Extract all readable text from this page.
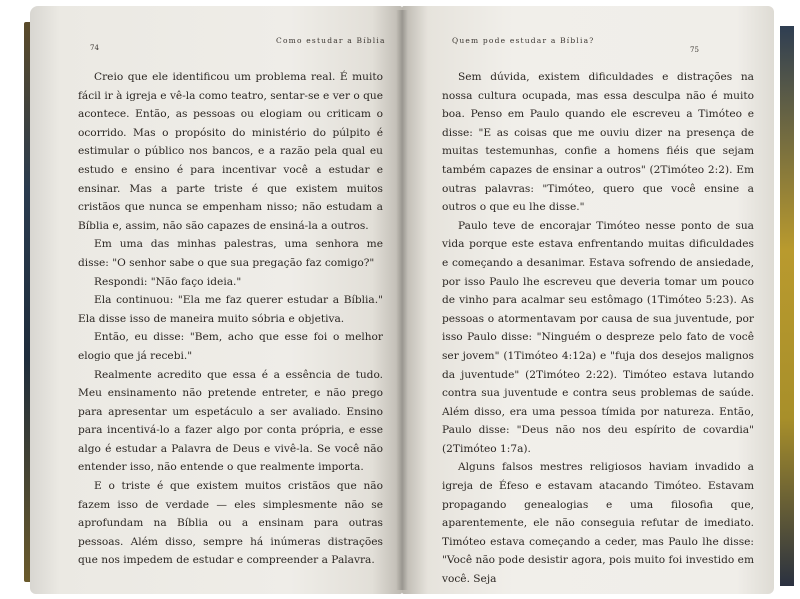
74
Como estudar a Bíblia

Creio que ele identificou um problema real. É muito fácil ir à igreja e vê-la como teatro, sentar-se e ver o que acontece. Então, as pessoas ou elogiam ou criticam o ocorrido. Mas o propósito do ministério do púlpito é estimular o público nos bancos, e a razão pela qual eu estudo e ensino é para incentivar você a estudar e ensinar. Mas a parte triste é que existem muitos cristãos que nunca se empenham nisso; não estudam a Bíblia e, assim, não são capazes de ensiná-la a outros.

Em uma das minhas palestras, uma senhora me disse: "O senhor sabe o que sua pregação faz comigo?"

Respondi: "Não faço ideia."

Ela continuou: "Ela me faz querer estudar a Bíblia." Ela disse isso de maneira muito sóbria e objetiva.

Então, eu disse: "Bem, acho que esse foi o melhor elogio que já recebi."

Realmente acredito que essa é a essência de tudo. Meu ensinamento não pretende entreter, e não prego para apresentar um espetáculo a ser avaliado. Ensino para incentivá-lo a fazer algo por conta própria, e esse algo é estudar a Palavra de Deus e vivê-la. Se você não entender isso, não entende o que realmente importa.

E o triste é que existem muitos cristãos que não fazem isso de verdade — eles simplesmente não se aprofundam na Bíblia ou a ensinam para outras pessoas. Além disso, sempre há inúmeras distrações que nos impedem de estudar e compreender a Palavra.

Quem pode estudar a Bíblia?
75

Sem dúvida, existem dificuldades e distrações na nossa cultura ocupada, mas essa desculpa não é muito boa. Penso em Paulo quando ele escreveu a Timóteo e disse: "E as coisas que me ouviu dizer na presença de muitas testemunhas, confie a homens fiéis que sejam também capazes de ensinar a outros" (2Timóteo 2:2). Em outras palavras: "Timóteo, quero que você ensine a outros o que eu lhe disse."

Paulo teve de encorajar Timóteo nesse ponto de sua vida porque este estava enfrentando muitas dificuldades e começando a desanimar. Estava sofrendo de ansiedade, por isso Paulo lhe escreveu que deveria tomar um pouco de vinho para acalmar seu estômago (1Timóteo 5:23). As pessoas o atormentavam por causa de sua juventude, por isso Paulo disse: "Ninguém o despreze pelo fato de você ser jovem" (1Timóteo 4:12a) e "fuja dos desejos malignos da juventude" (2Timóteo 2:22). Timóteo estava lutando contra sua juventude e contra seus problemas de saúde. Além disso, era uma pessoa tímida por natureza. Então, Paulo disse: "Deus não nos deu espírito de covardia" (2Timóteo 1:7a).

Alguns falsos mestres religiosos haviam invadido a igreja de Éfeso e estavam atacando Timóteo. Estavam propagando genealogias e uma filosofia que, aparentemente, ele não conseguia refutar de imediato. Timóteo estava começando a ceder, mas Paulo lhe disse: "Você não pode desistir agora, pois muito foi investido em você. Seja
